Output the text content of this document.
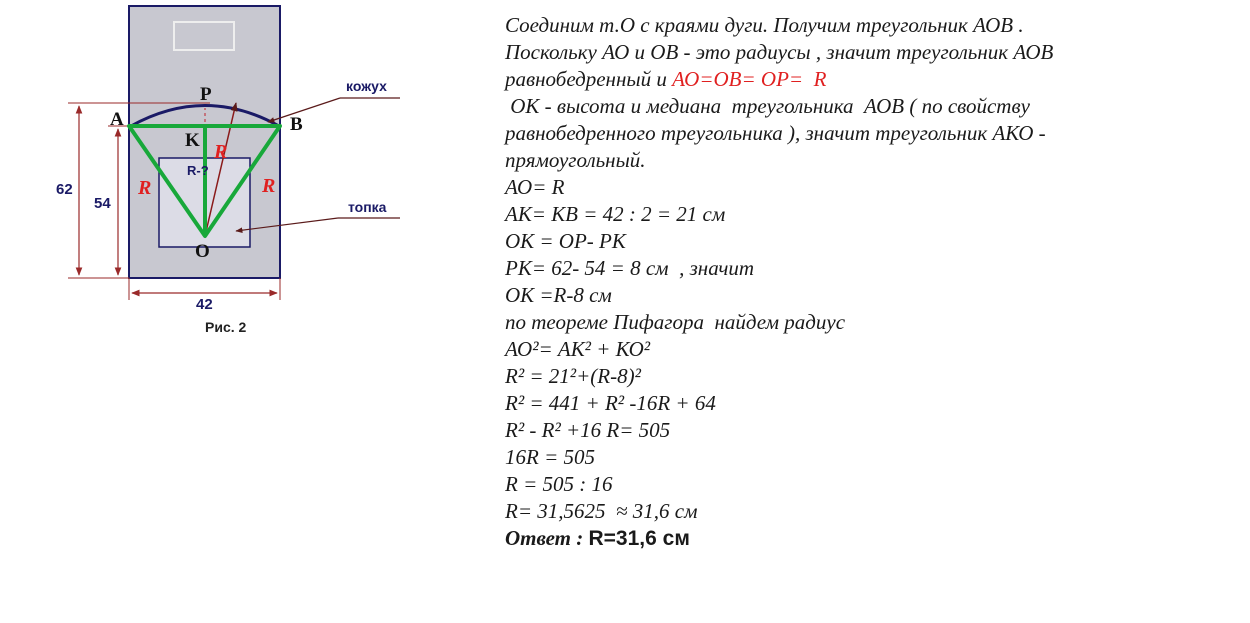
A	B
P
K
O
R	R
R
R-?
кожух
топка
62
54
42
Рис. 2
Соединим т.О с краями дуги. Получим треугольник АОВ .
Поскольку АО и ОВ - это радиусы , значит треугольник АОВ
равнобедренный и АО=ОВ= ОР=  R
ОК - высота и медиана  треугольника  АОВ ( по свойству
равнобедренного треугольника ), значит треугольник АКО -
прямоугольный.
АО= R
АК= КВ = 42 : 2 = 21 см
ОК = ОР- РК
РК= 62- 54 = 8 см  , значит
ОК =R-8 см
по теореме Пифагора  найдем радиус
АО²= АК² + КО²
R² = 21²+(R-8)²
R² = 441 + R² -16R + 64
R² - R² +16 R= 505
16R = 505
R = 505 : 16
R= 31,5625  ≈ 31,6 см
Ответ : R=31,6 см
